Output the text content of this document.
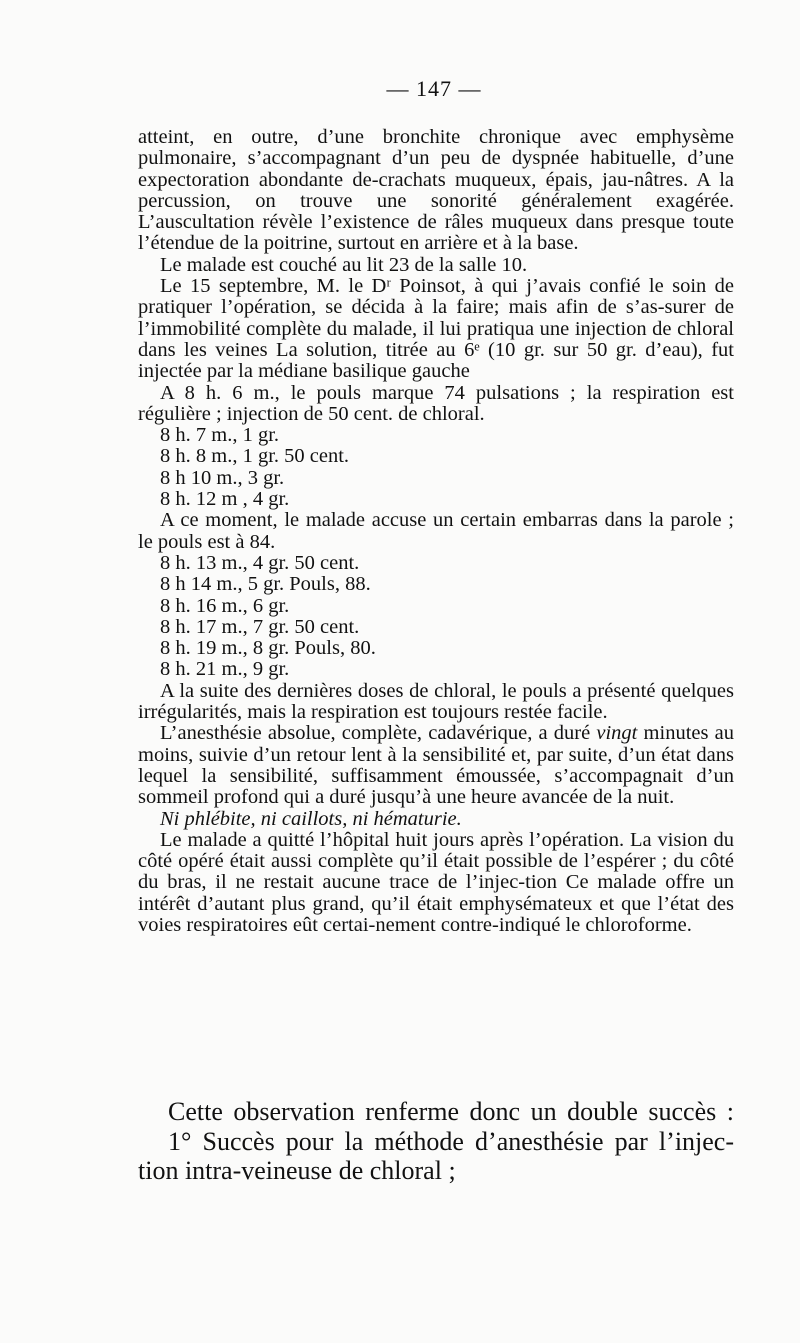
— 147 —

atteint, en outre, d’une bronchite chronique avec emphysème pulmonaire, s’accompagnant d’un peu de dyspnée habituelle, d’une expectoration abondante de-crachats muqueux, épais, jau-nâtres. A la percussion, on trouve une sonorité généralement exagérée. L’auscultation révèle l’existence de râles muqueux dans presque toute l’étendue de la poitrine, surtout en arrière et à la base.

Le malade est couché au lit 23 de la salle 10.

Le 15 septembre, M. le Dʳ Poinsot, à qui j’avais confié le soin de pratiquer l’opération, se décida à la faire; mais afin de s’as-surer de l’immobilité complète du malade, il lui pratiqua une injection de chloral dans les veines La solution, titrée au 6ᵉ (10 gr. sur 50 gr. d’eau), fut injectée par la médiane basilique gauche

A 8 h. 6 m., le pouls marque 74 pulsations ; la respiration est régulière ; injection de 50 cent. de chloral.

8 h. 7 m., 1 gr.

8 h. 8 m., 1 gr. 50 cent.

8 h 10 m., 3 gr.

8 h. 12 m , 4 gr.

A ce moment, le malade accuse un certain embarras dans la parole ; le pouls est à 84.

8 h. 13 m., 4 gr. 50 cent.

8 h 14 m., 5 gr. Pouls, 88.

8 h. 16 m., 6 gr.

8 h. 17 m., 7 gr. 50 cent.

8 h. 19 m., 8 gr. Pouls, 80.

8 h. 21 m., 9 gr.

A la suite des dernières doses de chloral, le pouls a présenté quelques irrégularités, mais la respiration est toujours restée facile.

L’anesthésie absolue, complète, cadavérique, a duré vingt minutes au moins, suivie d’un retour lent à la sensibilité et, par suite, d’un état dans lequel la sensibilité, suffisamment émoussée, s’accompagnait d’un sommeil profond qui a duré jusqu’à une heure avancée de la nuit.

Ni phlébite, ni caillots, ni hématurie.

Le malade a quitté l’hôpital huit jours après l’opération. La vision du côté opéré était aussi complète qu’il était possible de l’espérer ; du côté du bras, il ne restait aucune trace de l’injec-tion Ce malade offre un intérêt d’autant plus grand, qu’il était emphysémateux et que l’état des voies respiratoires eût certai-nement contre-indiqué le chloroforme.

Cette observation renferme donc un double succès :

1° Succès pour la méthode d’anesthésie par l’injec-

tion intra-veineuse de chloral ;
